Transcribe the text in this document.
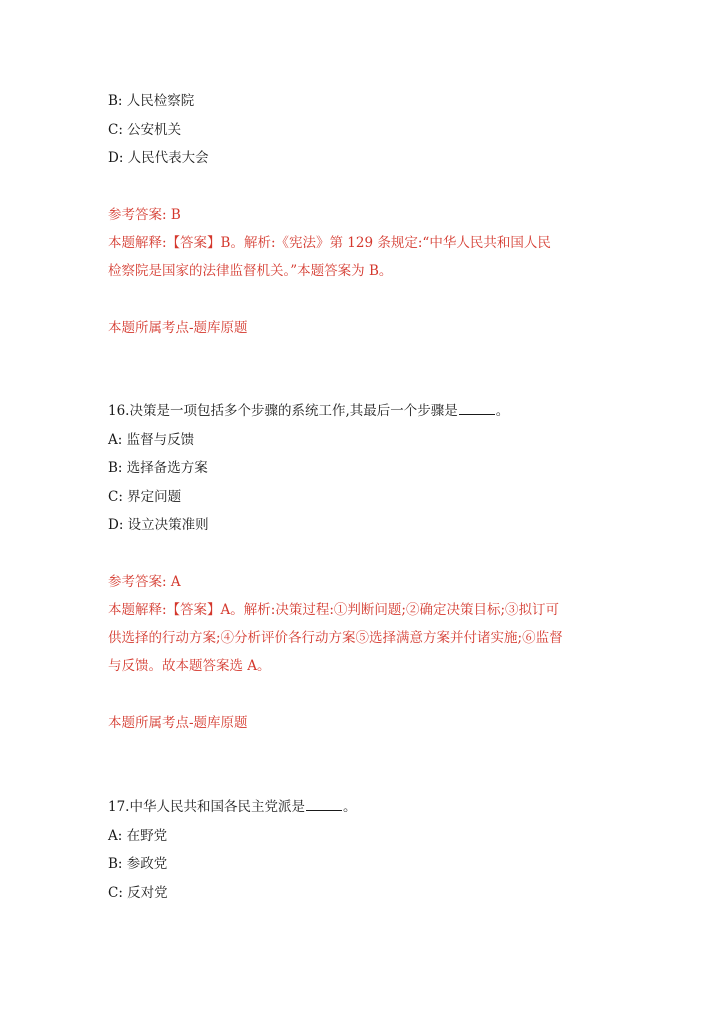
B: 人民检察院
C: 公安机关
D: 人民代表大会
参考答案: B
本题解释:【答案】B。解析:《宪法》第 129 条规定:“中华人民共和国人民
检察院是国家的法律监督机关。”本题答案为 B。
本题所属考点-题库原题
16.决策是一项包括多个步骤的系统工作,其最后一个步骤是	。
A: 监督与反馈
B: 选择备选方案
C: 界定问题
D: 设立决策准则
参考答案: A
本题解释:【答案】A。解析:决策过程:①判断问题;②确定决策目标;③拟订可
供选择的行动方案;④分析评价各行动方案⑤选择满意方案并付诸实施;⑥监督
与反馈。故本题答案选 A。
本题所属考点-题库原题
17.中华人民共和国各民主党派是	。
A: 在野党
B: 参政党
C: 反对党
